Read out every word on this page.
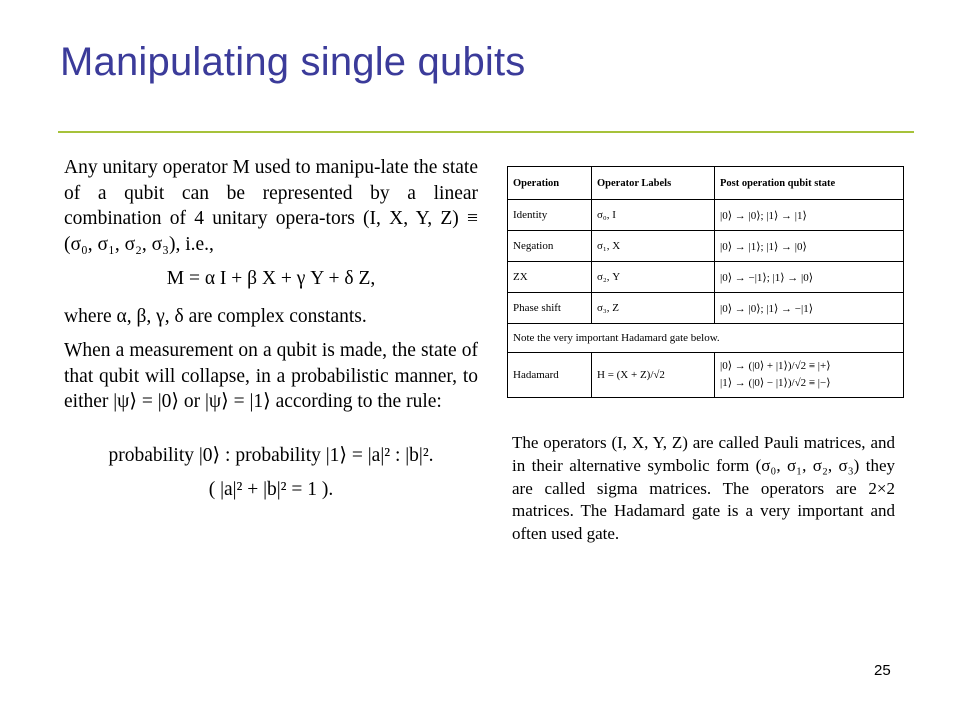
Manipulating single qubits

Any unitary operator M used to manipu-late the state of a qubit can be represented by a linear combination of 4 unitary opera-tors (I, X, Y, Z) ≡ (σ₀, σ₁, σ₂, σ₃), i.e.,

M = α I + β X + γ Y + δ Z,

where α, β, γ, δ are complex constants.

When a measurement on a qubit is made, the state of that qubit will collapse, in a probabilistic manner, to either |ψ⟩ = |0⟩ or |ψ⟩ = |1⟩ according to the rule:

probability |0⟩ : probability |1⟩ = |a|² : |b|².

( |a|² + |b|² = 1 ).

Operation	Operator Labels	Post operation qubit state
Identity	σ₀, I	|0⟩ → |0⟩; |1⟩ → |1⟩
Negation	σ₁, X	|0⟩ → |1⟩; |1⟩ → |0⟩
ZX	σ₂, Y	|0⟩ → −|1⟩; |1⟩ → |0⟩
Phase shift	σ₃, Z	|0⟩ → |0⟩; |1⟩ → −|1⟩
Note the very important Hadamard gate below.		
Hadamard	H = (X + Z)/√2	|0⟩ → (|0⟩ + |1⟩)/√2 ≡ |+⟩
|1⟩ → (|0⟩ − |1⟩)/√2 ≡ |−⟩

The operators (I, X, Y, Z) are called Pauli matrices, and in their alternative symbolic form (σ₀, σ₁, σ₂, σ₃) they are called sigma matrices. The operators are 2×2 matrices. The Hadamard gate is a very important and often used gate.

25
